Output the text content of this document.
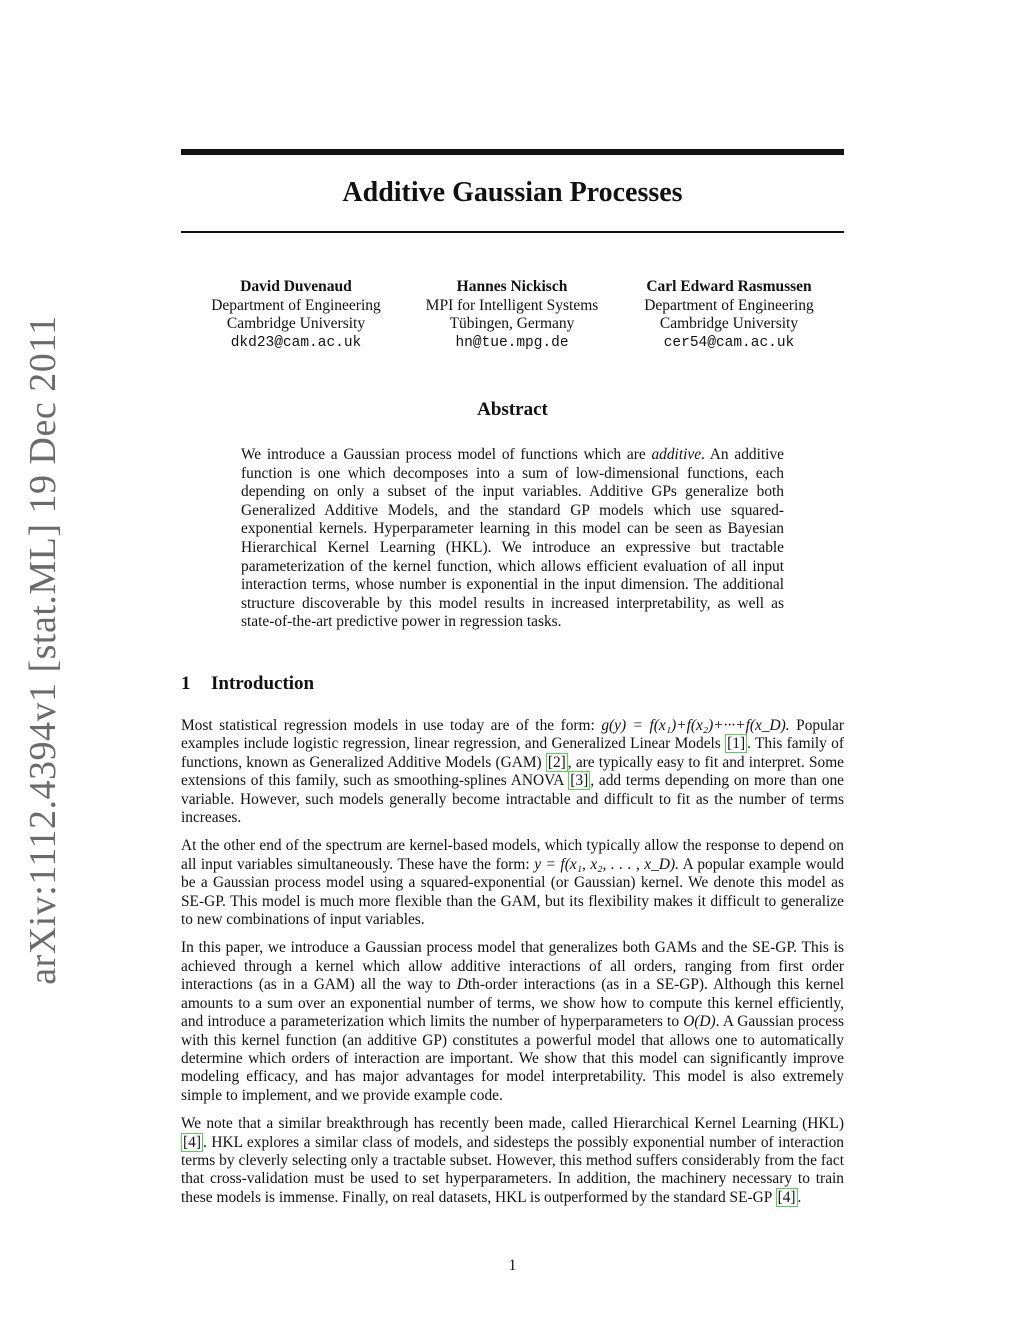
arXiv:1112.4394v1 [stat.ML] 19 Dec 2011
Additive Gaussian Processes
David Duvenaud
Department of Engineering
Cambridge University
dkd23@cam.ac.uk
Hannes Nickisch
MPI for Intelligent Systems
Tübingen, Germany
hn@tue.mpg.de
Carl Edward Rasmussen
Department of Engineering
Cambridge University
cer54@cam.ac.uk
Abstract
We introduce a Gaussian process model of functions which are additive. An additive function is one which decomposes into a sum of low-dimensional functions, each depending on only a subset of the input variables. Additive GPs generalize both Generalized Additive Models, and the standard GP models which use squared-exponential kernels. Hyperparameter learning in this model can be seen as Bayesian Hierarchical Kernel Learning (HKL). We introduce an expressive but tractable parameterization of the kernel function, which allows efficient evaluation of all input interaction terms, whose number is exponential in the input dimension. The additional structure discoverable by this model results in increased interpretability, as well as state-of-the-art predictive power in regression tasks.
1 Introduction

Most statistical regression models in use today are of the form: g(y) = f(x₁)+f(x₂)+···+f(x_D). Popular examples include logistic regression, linear regression, and Generalized Linear Models [1] . This family of functions, known as Generalized Additive Models (GAM) [2] , are typically easy to fit and interpret. Some extensions of this family, such as smoothing-splines ANOVA [3] , add terms depending on more than one variable. However, such models generally become intractable and difficult to fit as the number of terms increases.

At the other end of the spectrum are kernel-based models, which typically allow the response to depend on all input variables simultaneously. These have the form: y = f(x₁, x₂, . . . , x_D). A popular example would be a Gaussian process model using a squared-exponential (or Gaussian) kernel. We denote this model as SE-GP. This model is much more flexible than the GAM, but its flexibility makes it difficult to generalize to new combinations of input variables.

In this paper, we introduce a Gaussian process model that generalizes both GAMs and the SE-GP. This is achieved through a kernel which allow additive interactions of all orders, ranging from first order interactions (as in a GAM) all the way to Dth-order interactions (as in a SE-GP). Although this kernel amounts to a sum over an exponential number of terms, we show how to compute this kernel efficiently, and introduce a parameterization which limits the number of hyperparameters to O(D). A Gaussian process with this kernel function (an additive GP) constitutes a powerful model that allows one to automatically determine which orders of interaction are important. We show that this model can significantly improve modeling efficacy, and has major advantages for model interpretability. This model is also extremely simple to implement, and we provide example code.

We note that a similar breakthrough has recently been made, called Hierarchical Kernel Learning (HKL) [4] . HKL explores a similar class of models, and sidesteps the possibly exponential number of interaction terms by cleverly selecting only a tractable subset. However, this method suffers considerably from the fact that cross-validation must be used to set hyperparameters. In addition, the machinery necessary to train these models is immense. Finally, on real datasets, HKL is outperformed by the standard SE-GP [4] .

1
